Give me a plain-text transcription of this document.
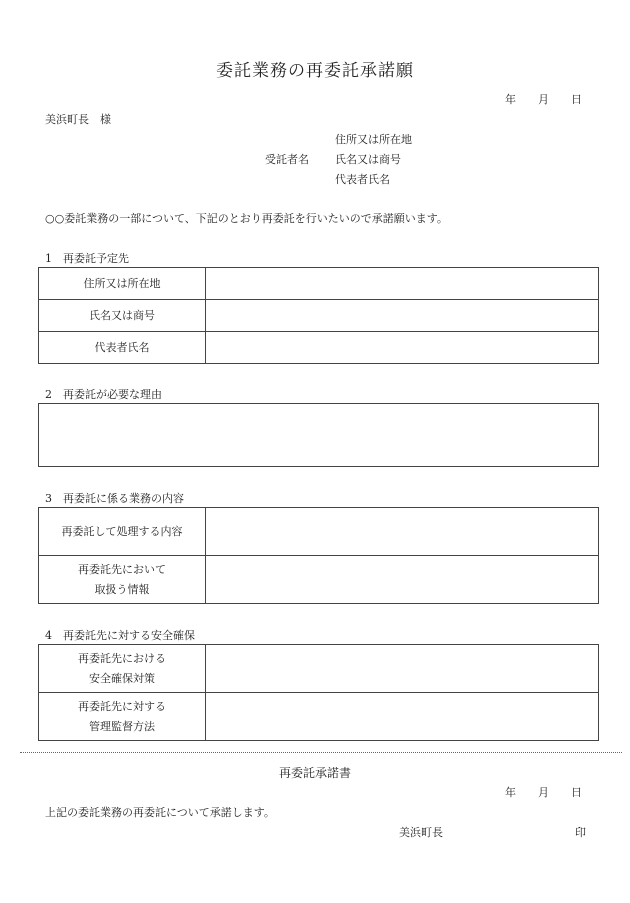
委託業務の再委託承諾願
年 月 日
美浜町長　様
住所又は所在地
受託者名 氏名又は商号
代表者氏名
○○委託業務の一部について、下記のとおり再委託を行いたいので承諾願います。
1　再委託予定先
住所又は所在地	
氏名又は商号	
代表者氏名	
2　再委託が必要な理由
3　再委託に係る業務の内容
再委託して処理する内容	

再委託先において
取扱う情報	

4　再委託先に対する安全確保
再委託先における
安全確保対策	

再委託先に対する
管理監督方法	

再委託承諾書
年 月 日
上記の委託業務の再委託について承諾します。
美浜町長	印
